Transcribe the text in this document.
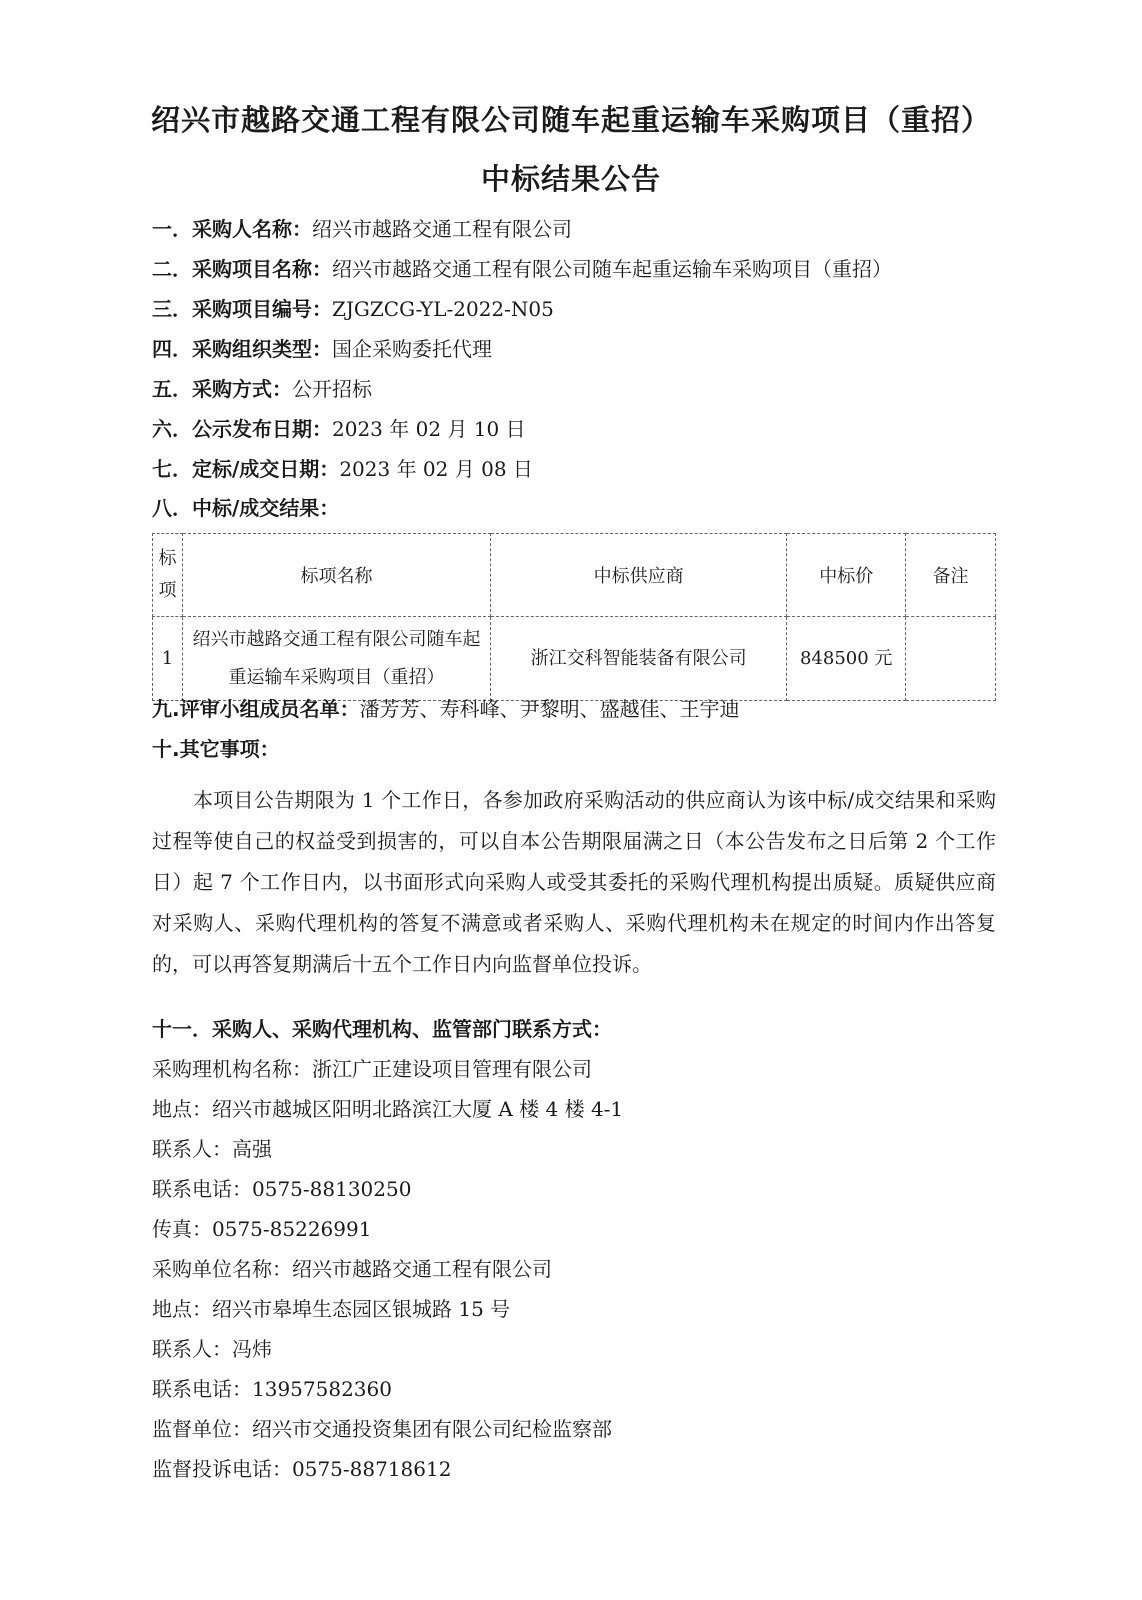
绍兴市越路交通工程有限公司随车起重运输车采购项目（重招）
中标结果公告
一．采购人名称：绍兴市越路交通工程有限公司
二．采购项目名称：绍兴市越路交通工程有限公司随车起重运输车采购项目（重招）
三．采购项目编号：ZJGZCG-YL-2022-N05
四．采购组织类型：国企采购委托代理
五．采购方式：公开招标
六．公示发布日期：2023 年 02 月 10 日
七．定标/成交日期：2023 年 02 月 08 日
八．中标/成交结果：
标项	标项名称	中标供应商	中标价	备注
1	绍兴市越路交通工程有限公司随车起重运输车采购项目（重招）	浙江交科智能装备有限公司	848500 元	
九.评审小组成员名单：潘芳芳、寿科峰、尹黎明、盛越佳、王宇迪
十.其它事项：

本项目公告期限为 1 个工作日，各参加政府采购活动的供应商认为该中标/成交结果和采购过程等使自己的权益受到损害的，可以自本公告期限届满之日（本公告发布之日后第 2 个工作日）起 7 个工作日内，以书面形式向采购人或受其委托的采购代理机构提出质疑。质疑供应商对采购人、采购代理机构的答复不满意或者采购人、采购代理机构未在规定的时间内作出答复的，可以再答复期满后十五个工作日内向监督单位投诉。

十一．采购人、采购代理机构、监管部门联系方式：
采购理机构名称：浙江广正建设项目管理有限公司
地点：绍兴市越城区阳明北路滨江大厦 A 楼 4 楼 4-1
联系人：高强
联系电话：0575-88130250
传真：0575-85226991
采购单位名称：绍兴市越路交通工程有限公司
地点：绍兴市皋埠生态园区银城路 15 号
联系人：冯炜
联系电话：13957582360
监督单位：绍兴市交通投资集团有限公司纪检监察部
监督投诉电话：0575-88718612
